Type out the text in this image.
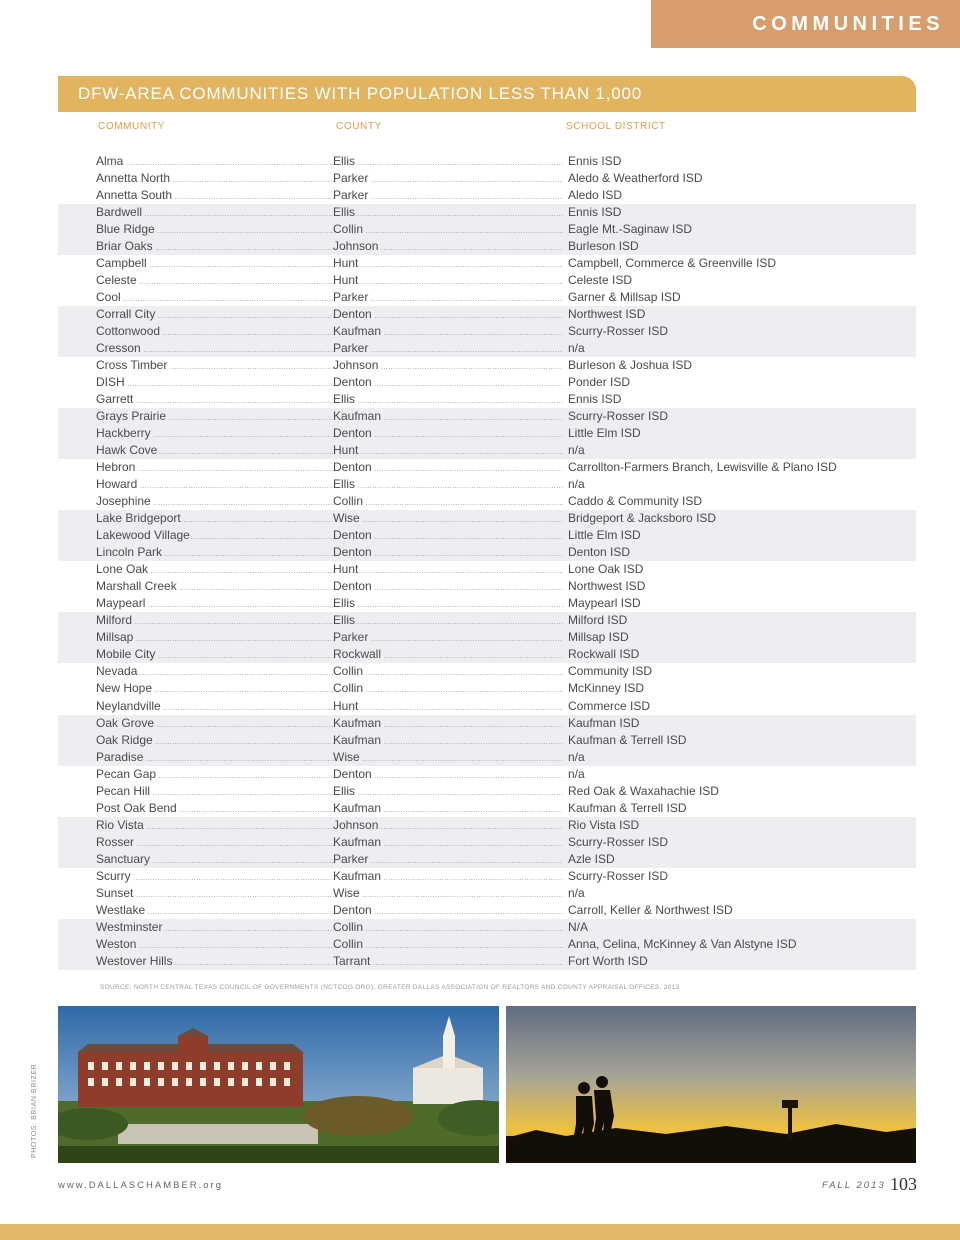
COMMUNITIES
DFW-AREA COMMUNITIES WITH POPULATION LESS THAN 1,000
COMMUNITY	COUNTY	SCHOOL DISTRICT
Alma .....	Ellis .....	Ennis ISD
Annetta North .....	Parker .....	Aledo & Weatherford ISD
Annetta South .....	Parker .....	Aledo ISD
Bardwell .....	Ellis .....	Ennis ISD
Blue Ridge .....	Collin .....	Eagle Mt.-Saginaw ISD
Briar Oaks .....	Johnson .....	Burleson ISD
Campbell .....	Hunt .....	Campbell, Commerce & Greenville ISD
Celeste .....	Hunt .....	Celeste ISD
Cool .....	Parker .....	Garner & Millsap ISD
Corrall City .....	Denton .....	Northwest ISD
Cottonwood .....	Kaufman .....	Scurry-Rosser ISD
Cresson .....	Parker .....	n/a
Cross Timber .....	Johnson .....	Burleson & Joshua ISD
DISH .....	Denton .....	Ponder ISD
Garrett .....	Ellis .....	Ennis ISD
Grays Prairie .....	Kaufman .....	Scurry-Rosser ISD
Hackberry .....	Denton .....	Little Elm ISD
Hawk Cove .....	Hunt .....	n/a
Hebron .....	Denton .....	Carrollton-Farmers Branch, Lewisville & Plano ISD
Howard .....	Ellis .....	n/a
Josephine .....	Collin .....	Caddo & Community ISD
Lake Bridgeport .....	Wise .....	Bridgeport & Jacksboro ISD
Lakewood Village .....	Denton .....	Little Elm ISD
Lincoln Park .....	Denton .....	Denton ISD
Lone Oak .....	Hunt .....	Lone Oak ISD
Marshall Creek .....	Denton .....	Northwest ISD
Maypearl .....	Ellis .....	Maypearl ISD
Milford .....	Ellis .....	Milford ISD
Millsap .....	Parker .....	Millsap ISD
Mobile City .....	Rockwall .....	Rockwall ISD
Nevada .....	Collin .....	Community ISD
New Hope .....	Collin .....	McKinney ISD
Neylandville .....	Hunt .....	Commerce ISD
Oak Grove .....	Kaufman .....	Kaufman ISD
Oak Ridge .....	Kaufman .....	Kaufman & Terrell ISD
Paradise .....	Wise .....	n/a
Pecan Gap .....	Denton .....	n/a
Pecan Hill .....	Ellis .....	Red Oak & Waxahachie ISD
Post Oak Bend .....	Kaufman .....	Kaufman & Terrell ISD
Rio Vista .....	Johnson .....	Rio Vista ISD
Rosser .....	Kaufman .....	Scurry-Rosser ISD
Sanctuary .....	Parker .....	Azle ISD
Scurry .....	Kaufman .....	Scurry-Rosser ISD
Sunset .....	Wise .....	n/a
Westlake .....	Denton .....	Carroll, Keller & Northwest ISD
Westminster .....	Collin .....	N/A
Weston .....	Collin .....	Anna, Celina, McKinney & Van Alstyne ISD
Westover Hills .....	Tarrant .....	Fort Worth ISD
SOURCE: NORTH CENTRAL TEXAS COUNCIL OF GOVERNMENTS (NCTCOG.ORG), GREATER DALLAS ASSOCIATION OF REALTORS AND COUNTY APPRAISAL OFFICES, 2013
PHOTOS: BRIAN BRIZER
www.DALLASCHAMBER.org	FALL 2013 103
